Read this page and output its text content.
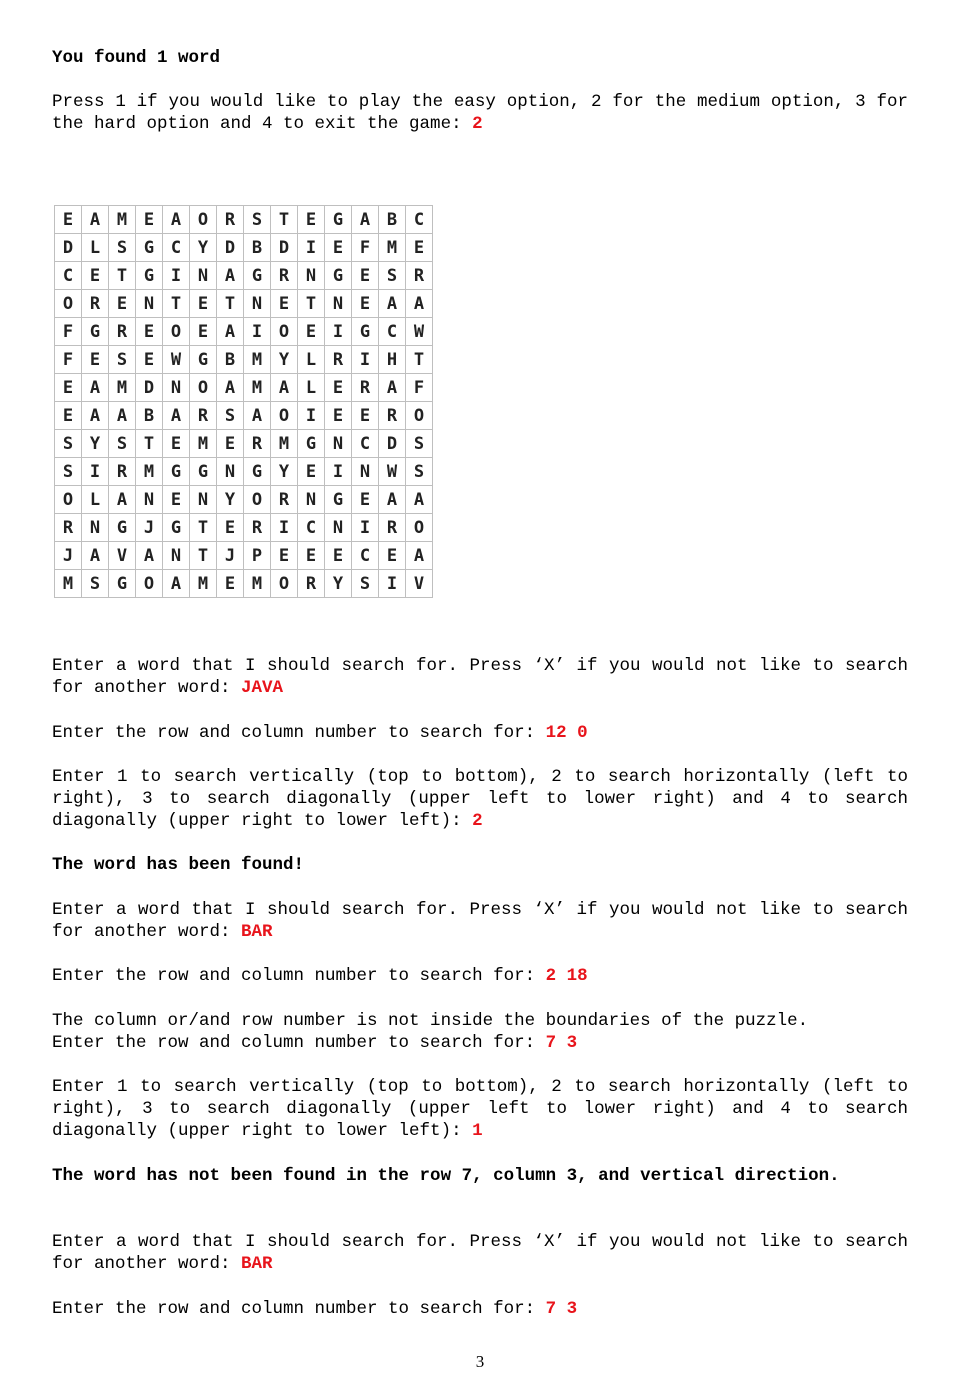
You found 1 word
Press 1 if you would like to play the easy option, 2 for the medium option, 3 for the hard option and 4 to exit the game: 2
E	A	M	E	A	O	R	S	T	E	G	A	B	C
D	L	S	G	C	Y	D	B	D	I	E	F	M	E
C	E	T	G	I	N	A	G	R	N	G	E	S	R
O	R	E	N	T	E	T	N	E	T	N	E	A	A
F	G	R	E	O	E	A	I	O	E	I	G	C	W
F	E	S	E	W	G	B	M	Y	L	R	I	H	T
E	A	M	D	N	O	A	M	A	L	E	R	A	F
E	A	A	B	A	R	S	A	O	I	E	E	R	O
S	Y	S	T	E	M	E	R	M	G	N	C	D	S
S	I	R	M	G	G	N	G	Y	E	I	N	W	S
O	L	A	N	E	N	Y	O	R	N	G	E	A	A
R	N	G	J	G	T	E	R	I	C	N	I	R	O
J	A	V	A	N	T	J	P	E	E	E	C	E	A
M	S	G	O	A	M	E	M	O	R	Y	S	I	V
Enter a word that I should search for. Press ‘X’ if you would not like to search for another word: JAVA
Enter the row and column number to search for: 12 0
Enter 1 to search vertically (top to bottom), 2 to search horizontally (left to right), 3 to search diagonally (upper left to lower right) and 4 to search diagonally (upper right to lower left): 2
The word has been found!
Enter a word that I should search for. Press ‘X’ if you would not like to search for another word: BAR
Enter the row and column number to search for: 2 18
The column or/and row number is not inside the boundaries of the puzzle.
Enter the row and column number to search for: 7 3
Enter 1 to search vertically (top to bottom), 2 to search horizontally (left to right), 3 to search diagonally (upper left to lower right) and 4 to search diagonally (upper right to lower left): 1
The word has not been found in the row 7, column 3, and vertical direction.
Enter a word that I should search for. Press ‘X’ if you would not like to search for another word: BAR
Enter the row and column number to search for: 7 3
3
